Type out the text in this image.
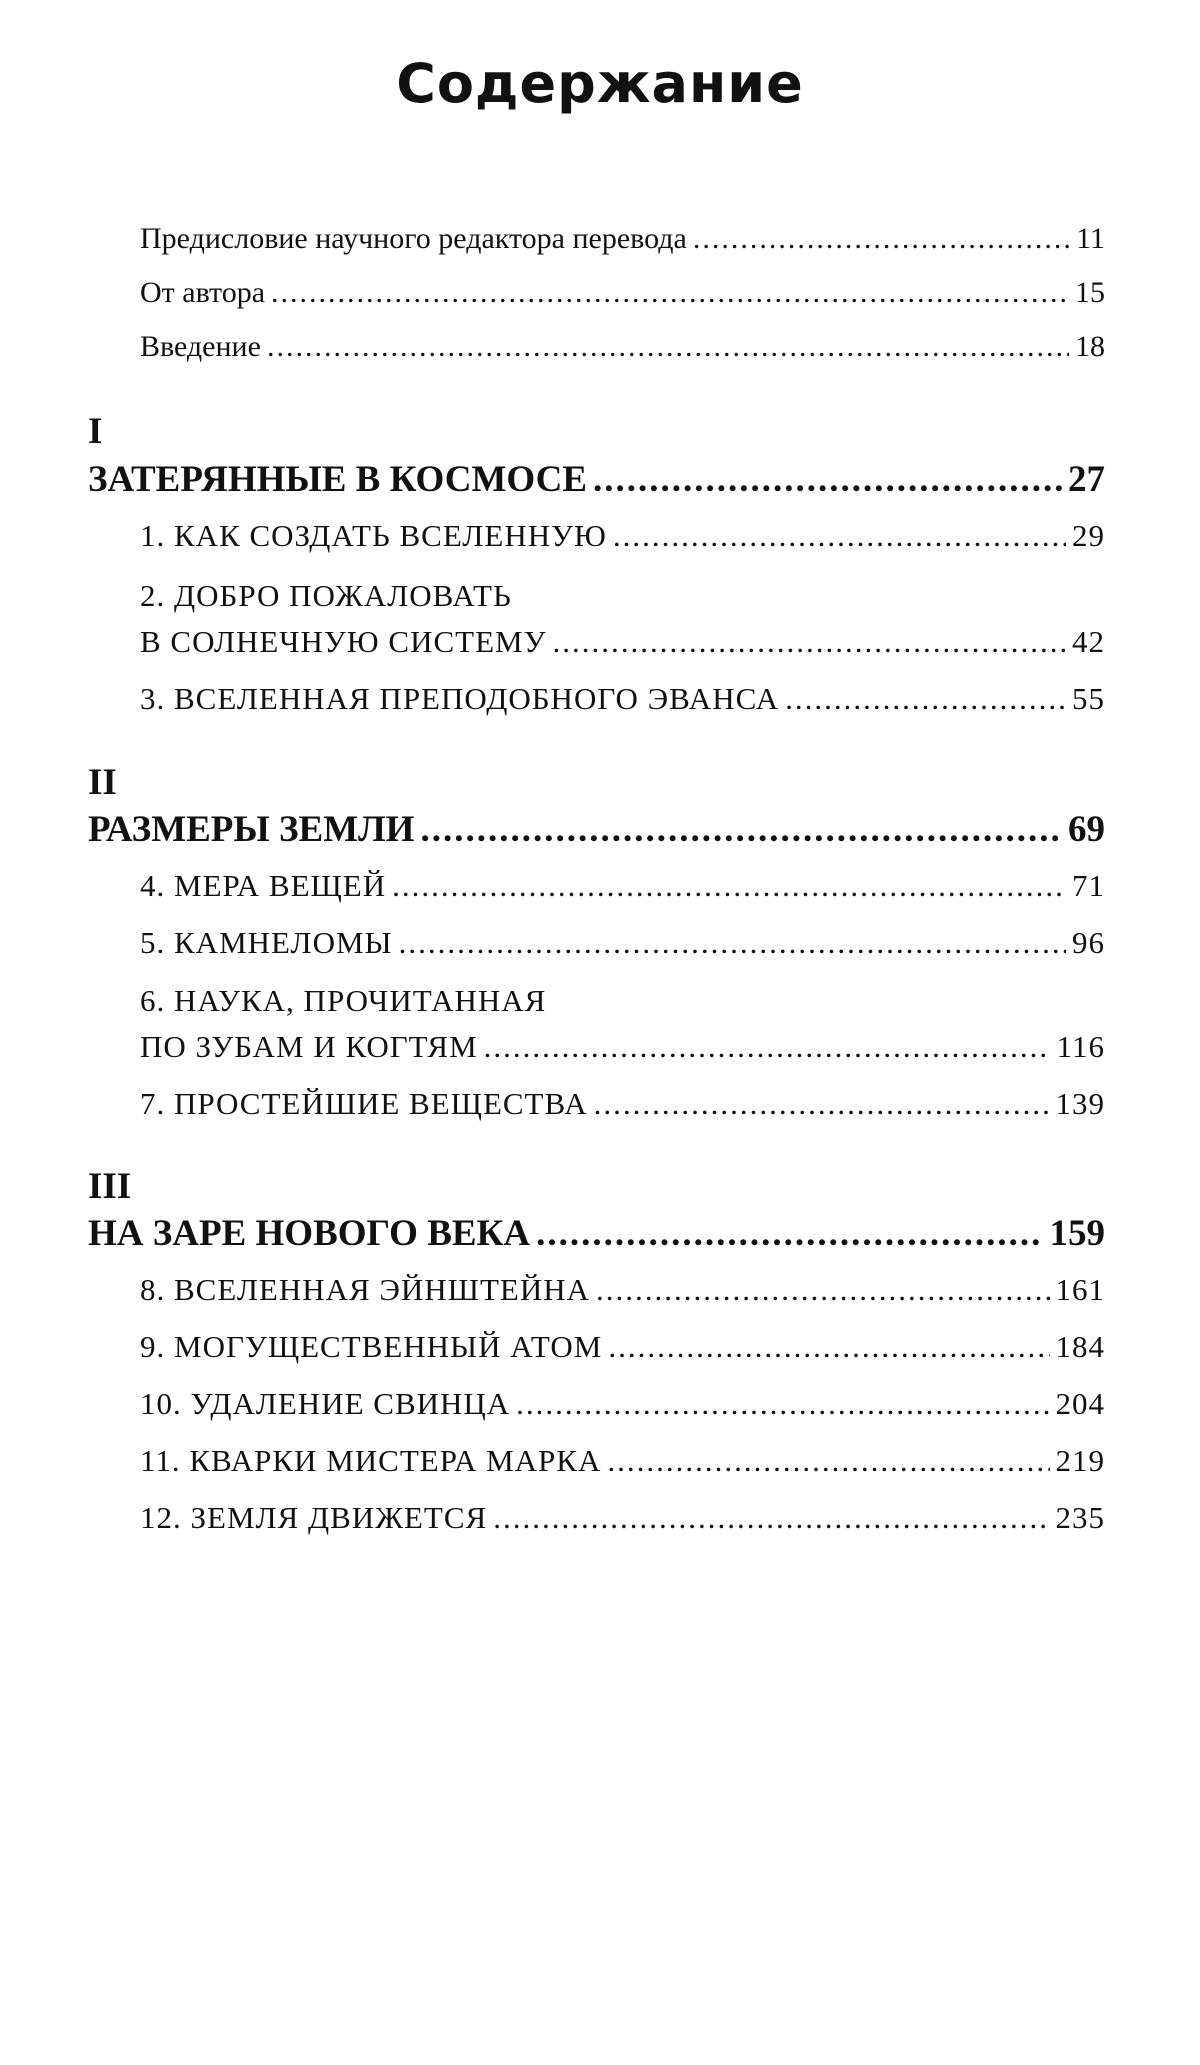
Содержание
Предисловие научного редактора перевода .....	11
От автора .....	15
Введение .....	18
I
ЗАТЕРЯННЫЕ В КОСМОСЕ .....	27
1. КАК СОЗДАТЬ ВСЕЛЕННУЮ .....	29
2. ДОБРО ПОЖАЛОВАТЬ
В СОЛНЕЧНУЮ СИСТЕМУ .....	42
3. ВСЕЛЕННАЯ ПРЕПОДОБНОГО ЭВАНСА .....	55
II
РАЗМЕРЫ ЗЕМЛИ .....	69
4. МЕРА ВЕЩЕЙ .....	71
5. КАМНЕЛОМЫ .....	96
6. НАУКА, ПРОЧИТАННАЯ
ПО ЗУБАМ И КОГТЯМ .....	116
7. ПРОСТЕЙШИЕ ВЕЩЕСТВА .....	139
III
НА ЗАРЕ НОВОГО ВЕКА .....	159
8. ВСЕЛЕННАЯ ЭЙНШТЕЙНА .....	161
9. МОГУЩЕСТВЕННЫЙ АТОМ .....	184
10. УДАЛЕНИЕ СВИНЦА .....	204
11. КВАРКИ МИСТЕРА МАРКА .....	219
12. ЗЕМЛЯ ДВИЖЕТСЯ .....	235
